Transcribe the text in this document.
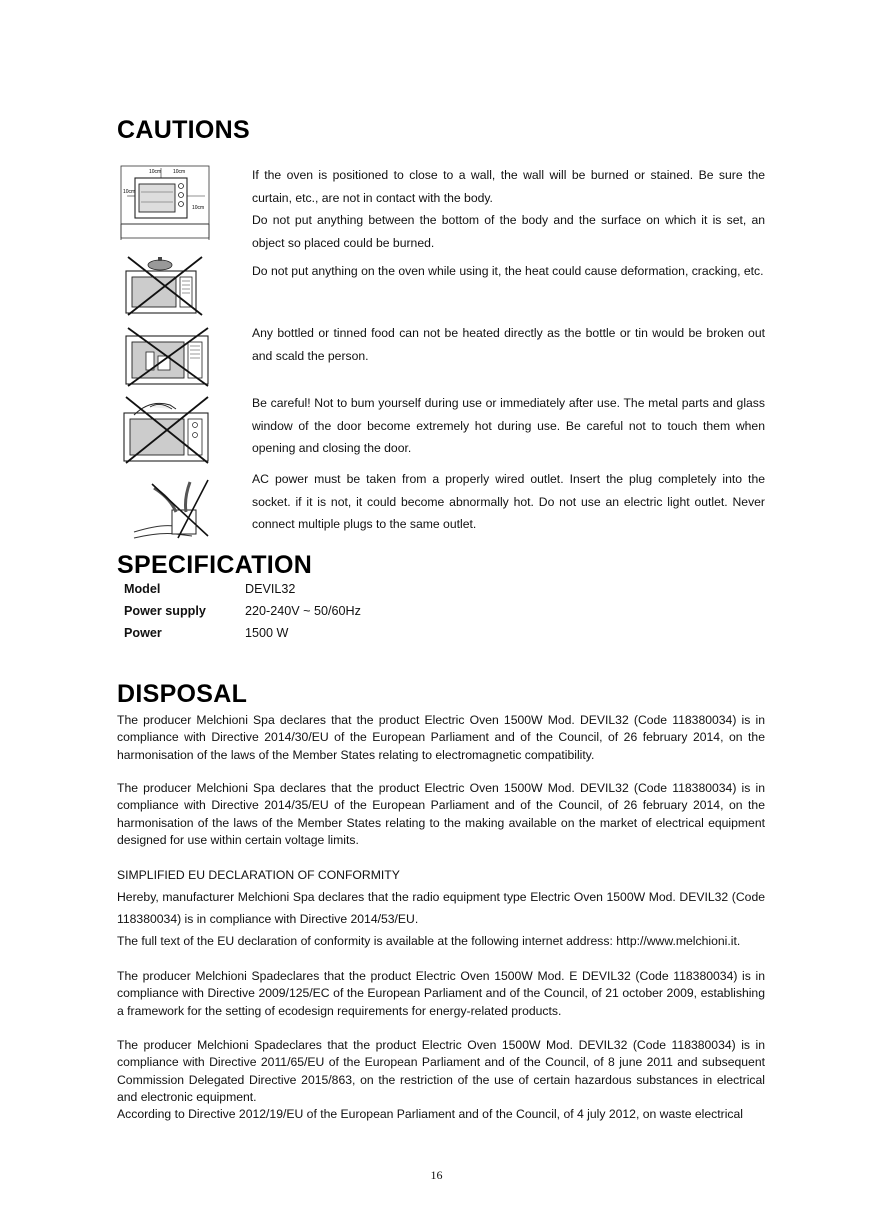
CAUTIONS
10cm 10cm
10cm
10cm

If the oven is positioned to close to a wall, the wall will be burned or stained. Be sure the curtain, etc., are not in contact with the body.

Do not put anything between the bottom of the body and the surface on which it is set, an object so placed could be burned.

Do not put anything on the oven while using it, the heat could cause deformation, cracking, etc.

Any bottled or tinned food can not be heated directly as the bottle or tin would be broken out and scald the person.

Be careful! Not to bum yourself during use or immediately after use. The metal parts and glass window of the door become extremely hot during use. Be careful not to touch them when opening and closing the door.

AC power must be taken from a properly wired outlet. Insert the plug completely into the socket. if it is not, it could become abnormally hot. Do not use an electric light outlet. Never connect multiple plugs to the same outlet.

SPECIFICATION
Model	DEVIL32
Power supply	220-240V ~ 50/60Hz
Power	1500 W
DISPOSAL

The producer Melchioni Spa declares that the product Electric Oven 1500W Mod. DEVIL32 (Code 118380034) is in compliance with Directive 2014/30/EU of the European Parliament and of the Council, of 26 february 2014, on the harmonisation of the laws of the Member States relating to electromagnetic compatibility.

The producer Melchioni Spa declares that the product Electric Oven 1500W Mod. DEVIL32 (Code 118380034) is in compliance with Directive 2014/35/EU of the European Parliament and of the Council, of 26 february 2014, on the harmonisation of the laws of the Member States relating to the making available on the market of electrical equipment designed for use within certain voltage limits.

SIMPLIFIED EU DECLARATION OF CONFORMITY

Hereby, manufacturer Melchioni Spa declares that the radio equipment type Electric Oven 1500W Mod. DEVIL32 (Code 118380034) is in compliance with Directive 2014/53/EU.

The full text of the EU declaration of conformity is available at the following internet address: http://www.melchioni.it.

The producer Melchioni Spadeclares that the product Electric Oven 1500W Mod. E DEVIL32 (Code 118380034) is in compliance with Directive 2009/125/EC of the European Parliament and of the Council, of 21 october 2009, establishing a framework for the setting of ecodesign requirements for energy-related products.

The producer Melchioni Spadeclares that the product Electric Oven 1500W Mod. DEVIL32 (Code 118380034) is in compliance with Directive 2011/65/EU of the European Parliament and of the Council, of 8 june 2011 and subsequent Commission Delegated Directive 2015/863, on the restriction of the use of certain hazardous substances in electrical and electronic equipment.

According to Directive 2012/19/EU of the European Parliament and of the Council, of 4 july 2012, on waste electrical

16
